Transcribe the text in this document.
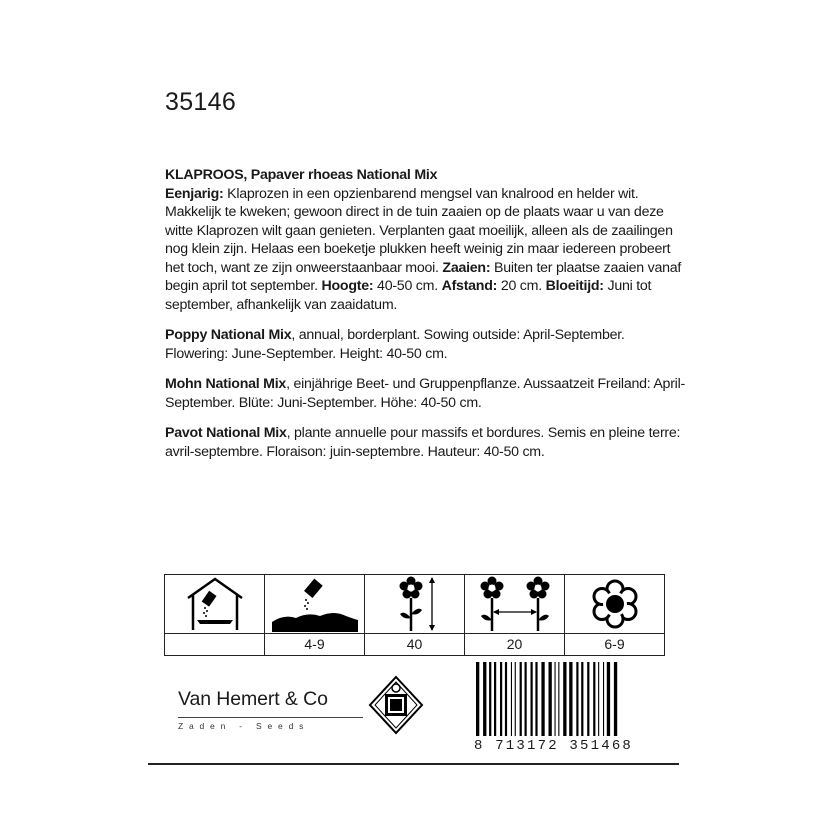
35146

KLAPROOS, Papaver rhoeas National Mix
Eenjarig: Klaprozen in een opzienbarend mengsel van knalrood en helder wit. Makkelijk te kweken; gewoon direct in de tuin zaaien op de plaats waar u van deze witte Klaprozen wilt gaan genieten. Verplanten gaat moeilijk, alleen als de zaailingen nog klein zijn. Helaas een boeketje plukken heeft weinig zin maar iedereen probeert het toch, want ze zijn onweerstaanbaar mooi. Zaaien: Buiten ter plaatse zaaien vanaf begin april tot september. Hoogte: 40-50 cm. Afstand: 20 cm. Bloeitijd: Juni tot september, afhankelijk van zaaidatum.

Poppy National Mix, annual, borderplant. Sowing outside: April-September. Flowering: June-September. Height: 40-50 cm.

Mohn National Mix, einjährige Beet- und Gruppenpflanze. Aussaatzeit Freiland: April-September. Blüte: Juni-September. Höhe: 40-50 cm.

Pavot National Mix, plante annuelle pour massifs et bordures. Semis en pleine terre: avril-septembre. Floraison: juin-septembre. Hauteur: 40-50 cm.

	4-9	40	20	6-9
Van Hemert & Co
Zaden - Seeds
8 713172 351468
